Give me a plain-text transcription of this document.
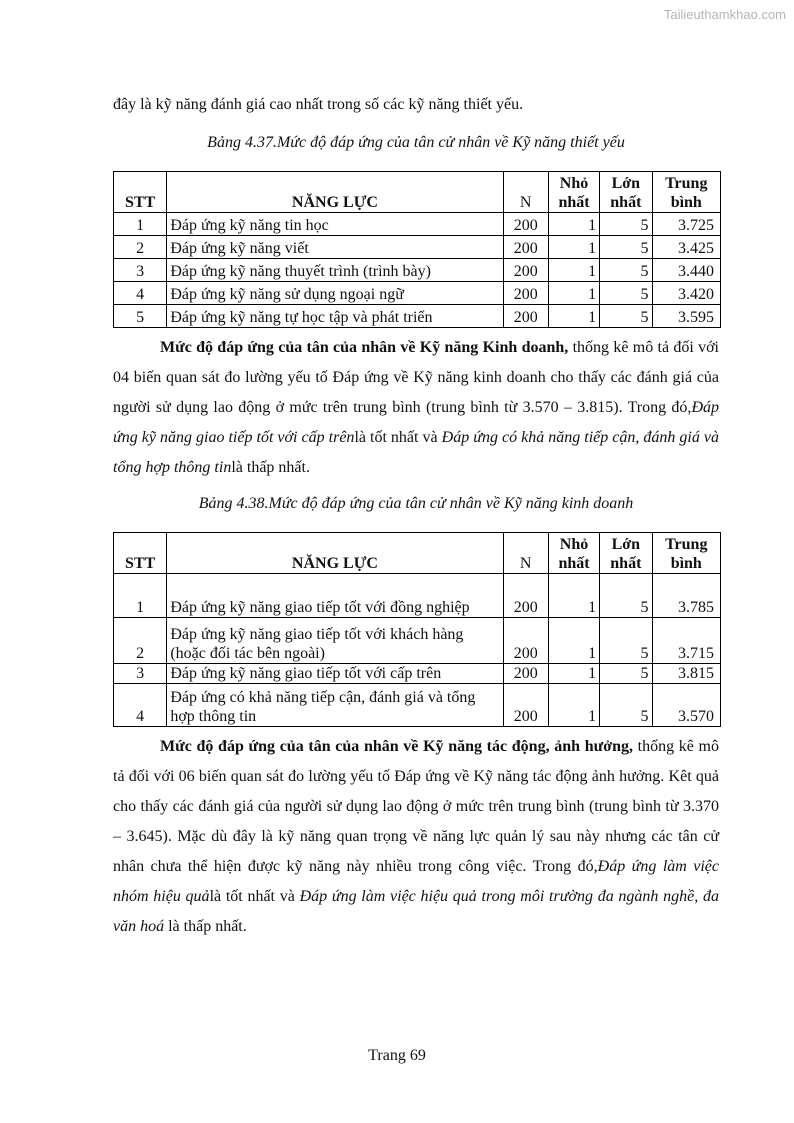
Tailieuthamkhao.com

đây là kỹ năng đánh giá cao nhất trong số các kỹ năng thiết yếu.

Bảng 4.37.Mức độ đáp ứng của tân cử nhân về Kỹ năng thiết yếu

STT	NĂNG LỰC	N	Nhỏ nhất	Lớn nhất	Trung bình
1	Đáp ứng kỹ năng tin học	200	1	5	3.725
2	Đáp ứng kỹ năng viết	200	1	5	3.425
3	Đáp ứng kỹ năng thuyết trình (trình bày)	200	1	5	3.440
4	Đáp ứng kỹ năng sử dụng ngoại ngữ	200	1	5	3.420
5	Đáp ứng kỹ năng tự học tập và phát triển	200	1	5	3.595

Mức độ đáp ứng của tân của nhân về Kỹ năng Kinh doanh, thống kê mô tả đối với 04 biến quan sát đo lường yếu tố Đáp ứng về Kỹ năng kinh doanh cho thấy các đánh giá của người sử dụng lao động ở mức trên trung bình (trung bình từ 3.570 – 3.815). Trong đó,Đáp ứng kỹ năng giao tiếp tốt với cấp trênlà tốt nhất và Đáp ứng có khả năng tiếp cận, đánh giá và tổng hợp thông tinlà thấp nhất.

Bảng 4.38.Mức độ đáp ứng của tân cử nhân về Kỹ năng kinh doanh

STT	NĂNG LỰC	N	Nhỏ nhất	Lớn nhất	Trung bình
1	Đáp ứng kỹ năng giao tiếp tốt với đồng nghiệp	200	1	5	3.785
2	Đáp ứng kỹ năng giao tiếp tốt với khách hàng (hoặc đối tác bên ngoài)	200	1	5	3.715
3	Đáp ứng kỹ năng giao tiếp tốt với cấp trên	200	1	5	3.815
4	Đáp ứng có khả năng tiếp cận, đánh giá và tổng hợp thông tin	200	1	5	3.570

Mức độ đáp ứng của tân của nhân về Kỹ năng tác động, ảnh hưởng, thống kê mô tả đối với 06 biến quan sát đo lường yếu tố Đáp ứng về Kỹ năng tác động ảnh hưởng. Kêt quả cho thấy các đánh giá của người sử dụng lao động ở mức trên trung bình (trung bình từ 3.370 – 3.645). Mặc dù đây là kỹ năng quan trọng về năng lực quản lý sau này nhưng các tân cử nhân chưa thể hiện được kỹ năng này nhiều trong công việc. Trong đó,Đáp ứng làm việc nhóm hiệu quảlà tốt nhất và Đáp ứng làm việc hiệu quả trong môi trường đa ngành nghề, đa văn hoá là thấp nhất.

Trang 69
